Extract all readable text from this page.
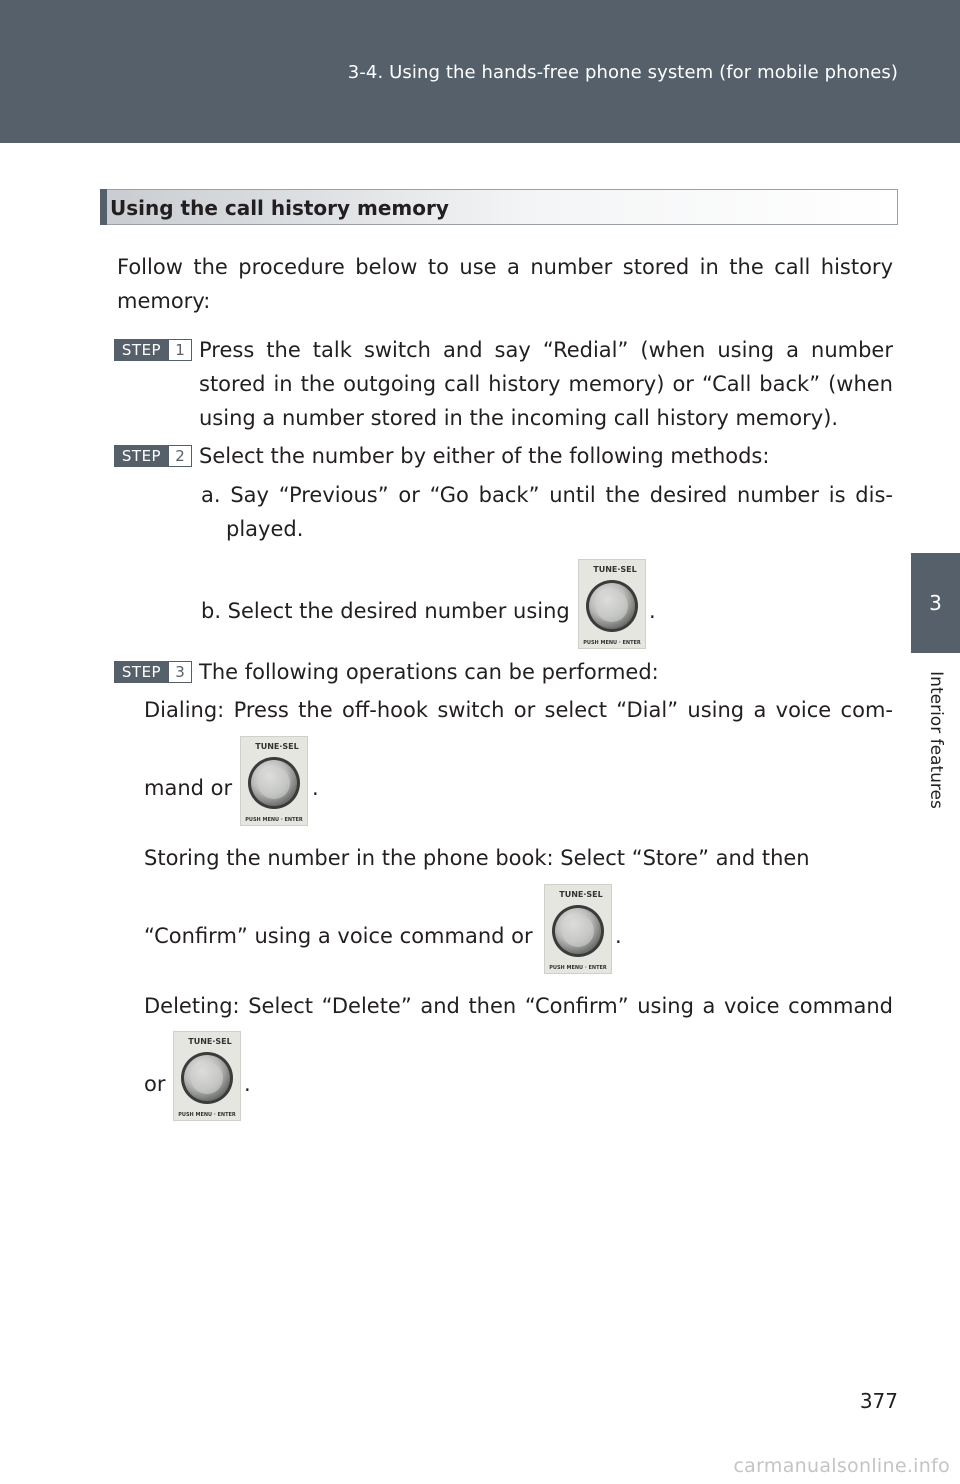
3-4. Using the hands-free phone system (for mobile phones)
3
Interior features
Using the call history memory
Follow the procedure below to use a number stored in the call history memory:
STEP 1 Press the talk switch and say “Redial” (when using a number stored in the outgoing call history memory) or “Call back” (when using a number stored in the incoming call history memory).
STEP 2 Select the number by either of the following methods:
a. Say “Previous” or “Go back” until the desired number is dis-played.
b. Select the desired number using
TUNE·SEL
PUSH MENU · ENTER
.
STEP 3 The following operations can be performed:
Dialing: Press the off-hook switch or select “Dial” using a voice com-
mand or
TUNE·SEL
PUSH MENU · ENTER
.
Storing the number in the phone book: Select “Store” and then
“Confirm” using a voice command or
TUNE·SEL
PUSH MENU · ENTER
.
Deleting: Select “Delete” and then “Confirm” using a voice command
or
TUNE·SEL
PUSH MENU · ENTER
.
377
carmanualsonline.info
